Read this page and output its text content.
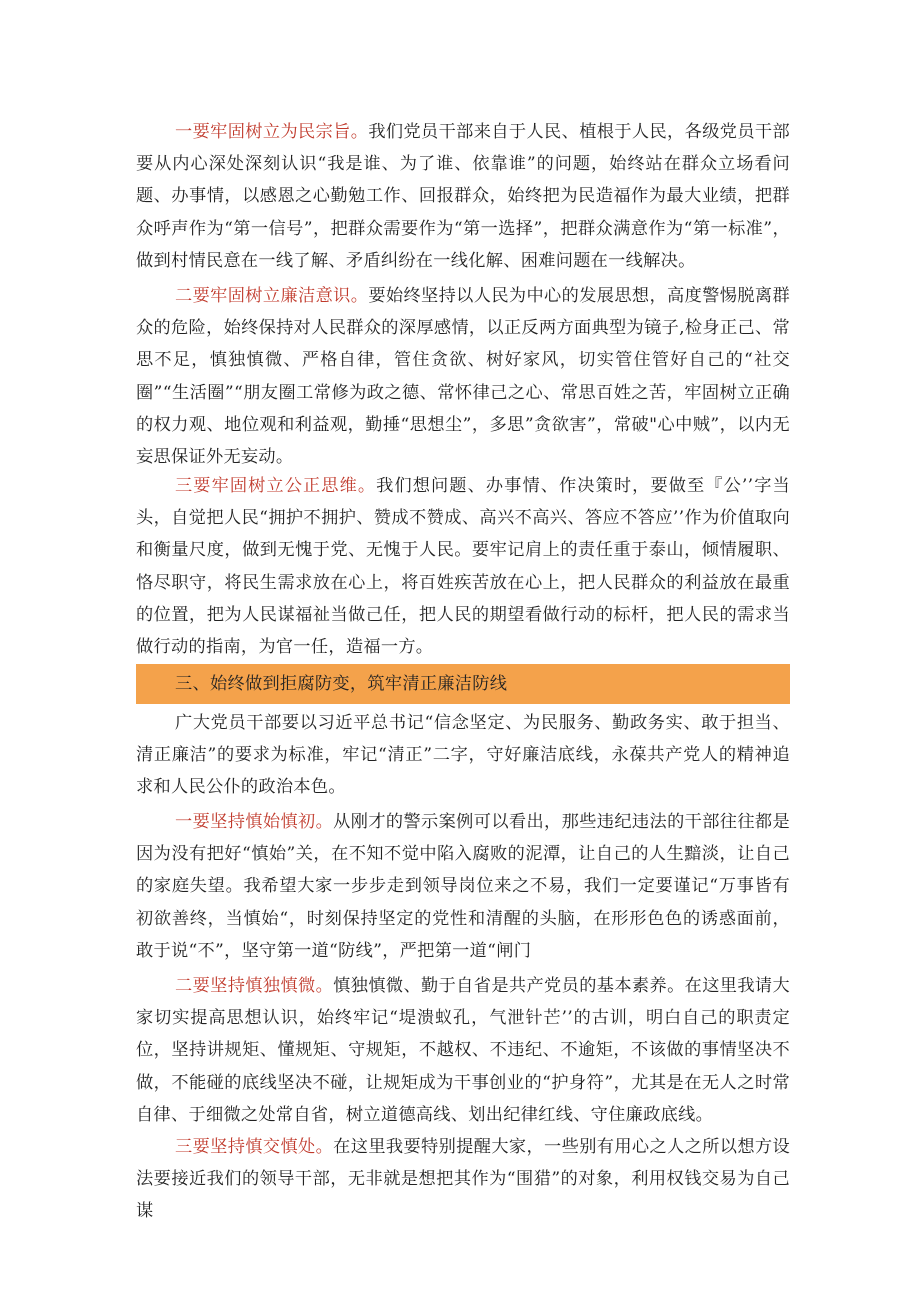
一要牢固树立为民宗旨。我们党员干部来自于人民、植根于人民，各级党员干部要从内心深处深刻认识“我是谁、为了谁、依靠谁”的问题，始终站在群众立场看问题、办事情，以感恩之心勤勉工作、回报群众，始终把为民造福作为最大业绩，把群众呼声作为“第一信号”，把群众需要作为“第一选择”，把群众满意作为“第一标准”，做到村情民意在一线了解、矛盾纠纷在一线化解、困难问题在一线解决。

二要牢固树立廉洁意识。要始终坚持以人民为中心的发展思想，高度警惕脱离群众的危险，始终保持对人民群众的深厚感情，以正反两方面典型为镜子,检身正己、常思不足，慎独慎微、严格自律，管住贪欲、树好家风，切实管住管好自己的“社交圈”“生活圈”“朋友圈工常修为政之德、常怀律己之心、常思百姓之苦，牢固树立正确的权力观、地位观和利益观，勤捶“思想尘”，多思”贪欲害”，常破"心中贼”，以内无妄思保证外无妄动。

三要牢固树立公正思维。我们想问题、办事情、作决策时，要做至『公’’字当头，自觉把人民“拥护不拥护、赞成不赞成、高兴不高兴、答应不答应’’作为价值取向和衡量尺度，做到无愧于党、无愧于人民。要牢记肩上的责任重于泰山，倾情履职、恪尽职守，将民生需求放在心上，将百姓疾苦放在心上，把人民群众的利益放在最重的位置，把为人民谋福祉当做己任，把人民的期望看做行动的标杆，把人民的需求当做行动的指南，为官一任，造福一方。

三、始终做到拒腐防变，筑牢清正廉洁防线

广大党员干部要以习近平总书记“信念坚定、为民服务、勤政务实、敢于担当、清正廉洁”的要求为标准，牢记“清正”二字，守好廉洁底线，永葆共产党人的精神追求和人民公仆的政治本色。

一要坚持慎始慎初。从刚才的警示案例可以看出，那些违纪违法的干部往往都是因为没有把好“慎始”关，在不知不觉中陷入腐败的泥潭，让自己的人生黯淡，让自己的家庭失望。我希望大家一步步走到领导岗位来之不易，我们一定要谨记“万事皆有初欲善终，当慎始“，时刻保持坚定的党性和清醒的头脑，在形形色色的诱惑面前，敢于说“不”，坚守第一道“防线”，严把第一道“闸门

二要坚持慎独慎微。慎独慎微、勤于自省是共产党员的基本素养。在这里我请大家切实提高思想认识，始终牢记“堤溃蚁孔，气泄针芒’’的古训，明白自己的职责定位，坚持讲规矩、懂规矩、守规矩，不越权、不违纪、不逾矩，不该做的事情坚决不做，不能碰的底线坚决不碰，让规矩成为干事创业的“护身符”，尤其是在无人之时常自律、于细微之处常自省，树立道德高线、划出纪律红线、守住廉政底线。

三要坚持慎交慎处。在这里我要特别提醒大家，一些别有用心之人之所以想方设法要接近我们的领导干部，无非就是想把其作为“围猎”的对象，利用权钱交易为自己谋
